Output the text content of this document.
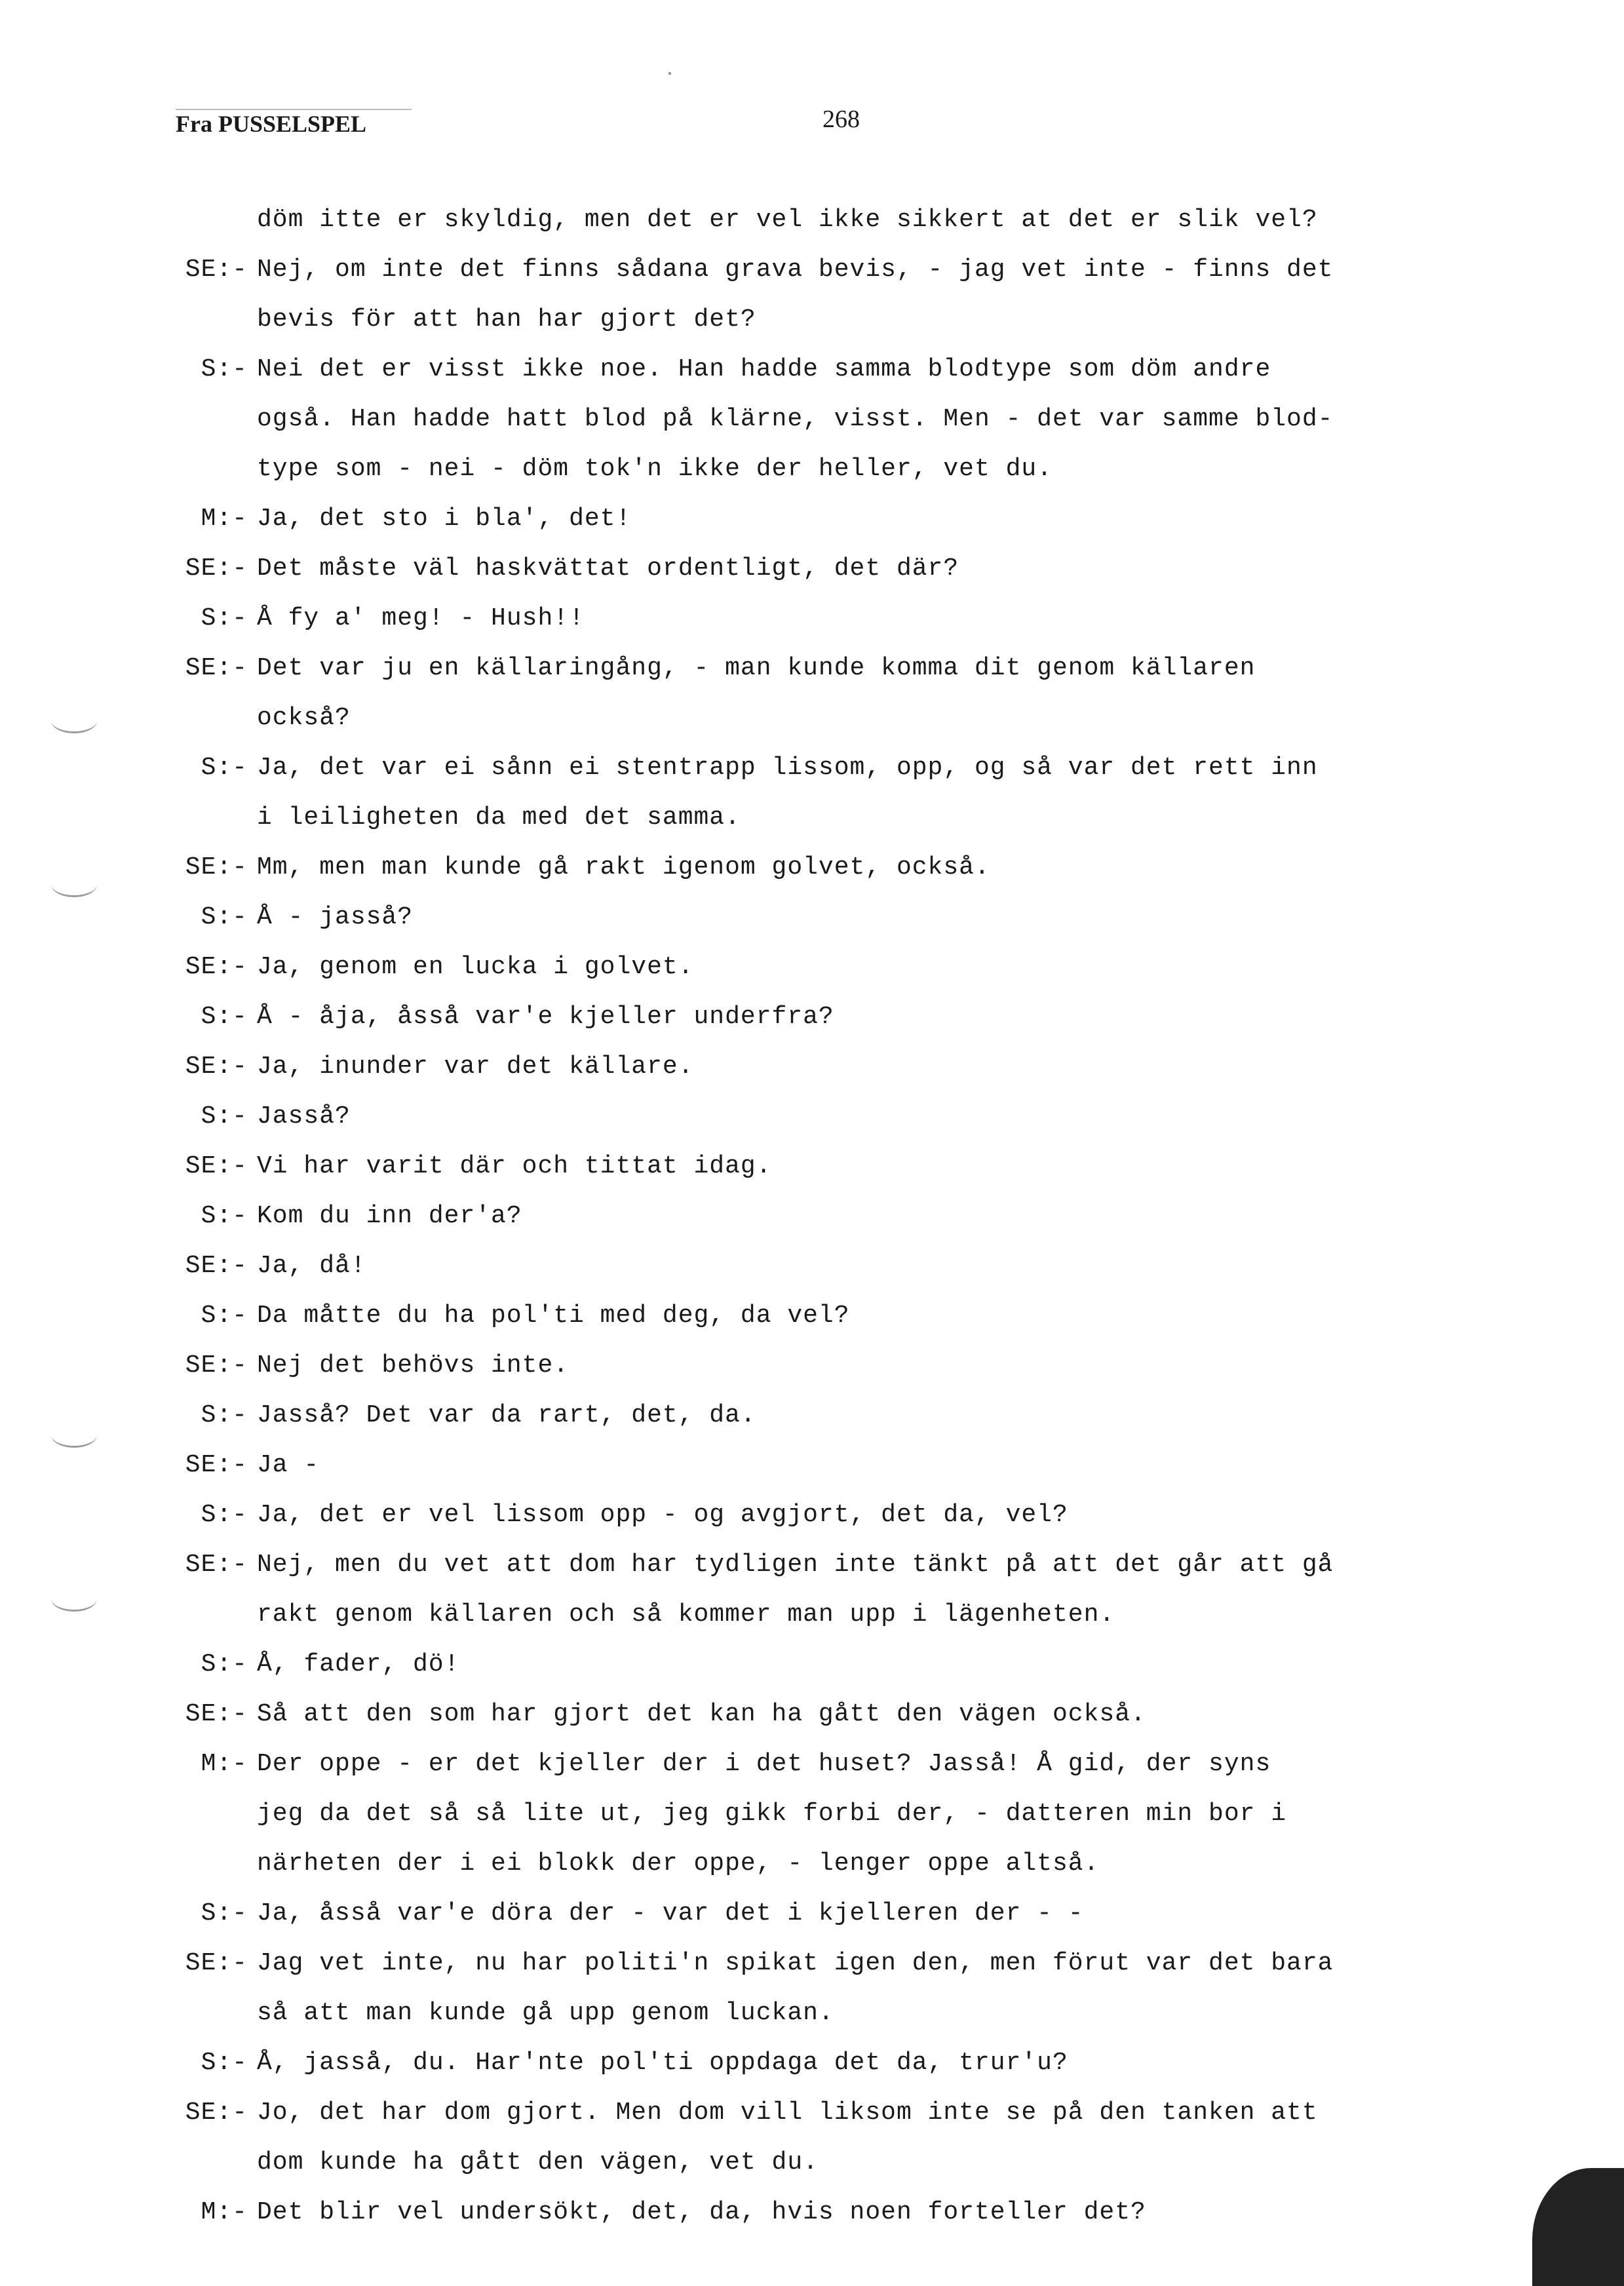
Fra PUSSELSPEL	268
döm itte er skyldig, men det er vel ikke sikkert at det er slik vel?
SE:- Nej, om inte det finns sådana grava bevis, - jag vet inte - finns det
bevis för att han har gjort det?
S:- Nei det er visst ikke noe. Han hadde samma blodtype som döm andre
også. Han hadde hatt blod på klärne, visst. Men - det var samme blod-
type som - nei - döm tok'n ikke der heller, vet du.
M:- Ja, det sto i bla', det!
SE:- Det måste väl haskvättat ordentligt, det där?
S:- Å fy a' meg! - Hush!!
SE:- Det var ju en källaringång, - man kunde komma dit genom källaren
också?
S:- Ja, det var ei sånn ei stentrapp lissom, opp, og så var det rett inn
i leiligheten da med det samma.
SE:- Mm, men man kunde gå rakt igenom golvet, också.
S:- Å - jasså?
SE:- Ja, genom en lucka i golvet.
S:- Å - åja, åsså var'e kjeller underfra?
SE:- Ja, inunder var det källare.
S:- Jasså?
SE:- Vi har varit där och tittat idag.
S:- Kom du inn der'a?
SE:- Ja, då!
S:- Da måtte du ha pol'ti med deg, da vel?
SE:- Nej det behövs inte.
S:- Jasså? Det var da rart, det, da.
SE:- Ja -
S:- Ja, det er vel lissom opp - og avgjort, det da, vel?
SE:- Nej, men du vet att dom har tydligen inte tänkt på att det går att gå
rakt genom källaren och så kommer man upp i lägenheten.
S:- Å, fader, dö!
SE:- Så att den som har gjort det kan ha gått den vägen också.
M:- Der oppe - er det kjeller der i det huset? Jasså! Å gid, der syns
jeg da det så så lite ut, jeg gikk forbi der, - datteren min bor i
närheten der i ei blokk der oppe, - lenger oppe altså.
S:- Ja, åsså var'e döra der - var det i kjelleren der - -
SE:- Jag vet inte, nu har politi'n spikat igen den, men förut var det bara
så att man kunde gå upp genom luckan.
S:- Å, jasså, du. Har'nte pol'ti oppdaga det da, trur'u?
SE:- Jo, det har dom gjort. Men dom vill liksom inte se på den tanken att
dom kunde ha gått den vägen, vet du.
M:- Det blir vel undersökt, det, da, hvis noen forteller det?
